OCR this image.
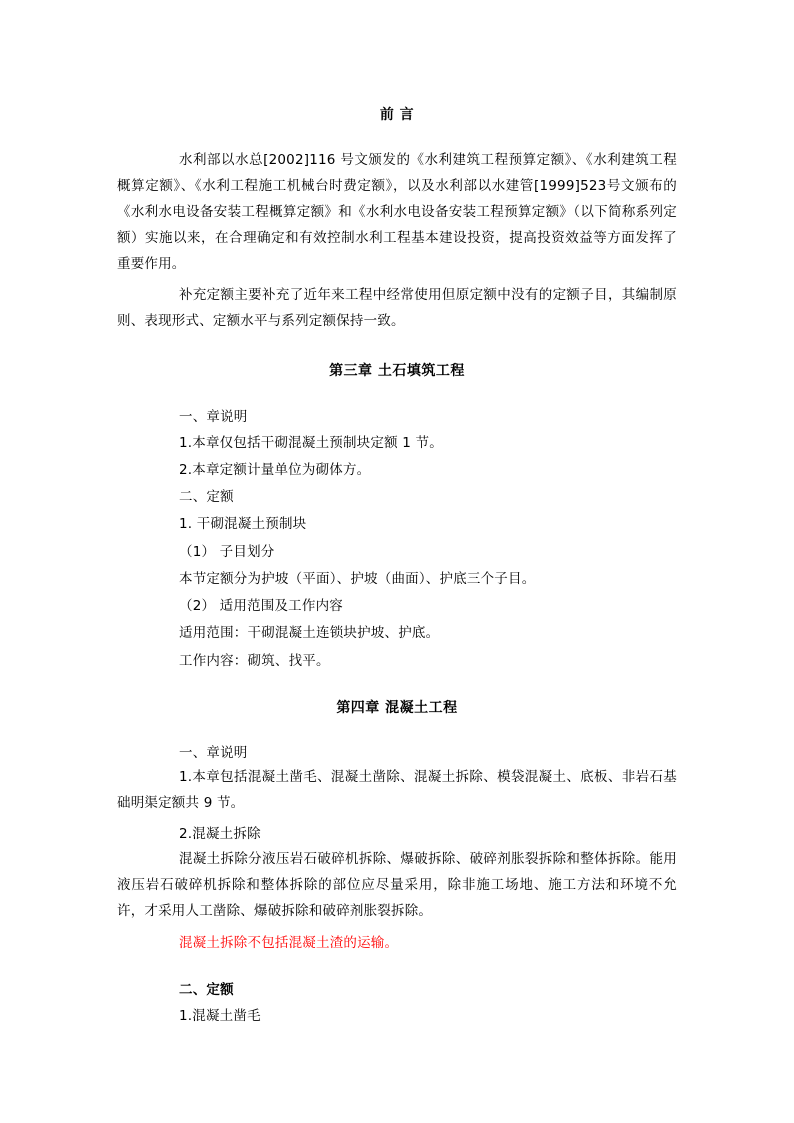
前 言
水利部以水总[2002]116 号文颁发的《水利建筑工程预算定额》、《水利建筑工程概算定额》、《水利工程施工机械台时费定额》，以及水利部以水建管[1999]523号文颁布的《水利水电设备安装工程概算定额》和《水利水电设备安装工程预算定额》（以下简称系列定额）实施以来，在合理确定和有效控制水利工程基本建设投资，提高投资效益等方面发挥了重要作用。
补充定额主要补充了近年来工程中经常使用但原定额中没有的定额子目，其编制原则、表现形式、定额水平与系列定额保持一致。
第三章 土石填筑工程
一、章说明
1.本章仅包括干砌混凝土预制块定额 1 节。
2.本章定额计量单位为砌体方。
二、定额
1. 干砌混凝土预制块
（1） 子目划分
本节定额分为护坡（平面）、护坡（曲面）、护底三个子目。
（2） 适用范围及工作内容
适用范围：干砌混凝土连锁块护坡、护底。
工作内容：砌筑、找平。
第四章 混凝土工程
一、章说明
1.本章包括混凝土凿毛、混凝土凿除、混凝土拆除、模袋混凝土、底板、非岩石基础明渠定额共 9 节。
2.混凝土拆除
混凝土拆除分液压岩石破碎机拆除、爆破拆除、破碎剂胀裂拆除和整体拆除。能用液压岩石破碎机拆除和整体拆除的部位应尽量采用，除非施工场地、施工方法和环境不允许，才采用人工凿除、爆破拆除和破碎剂胀裂拆除。
混凝土拆除不包括混凝土渣的运输。
二、定额
1.混凝土凿毛
